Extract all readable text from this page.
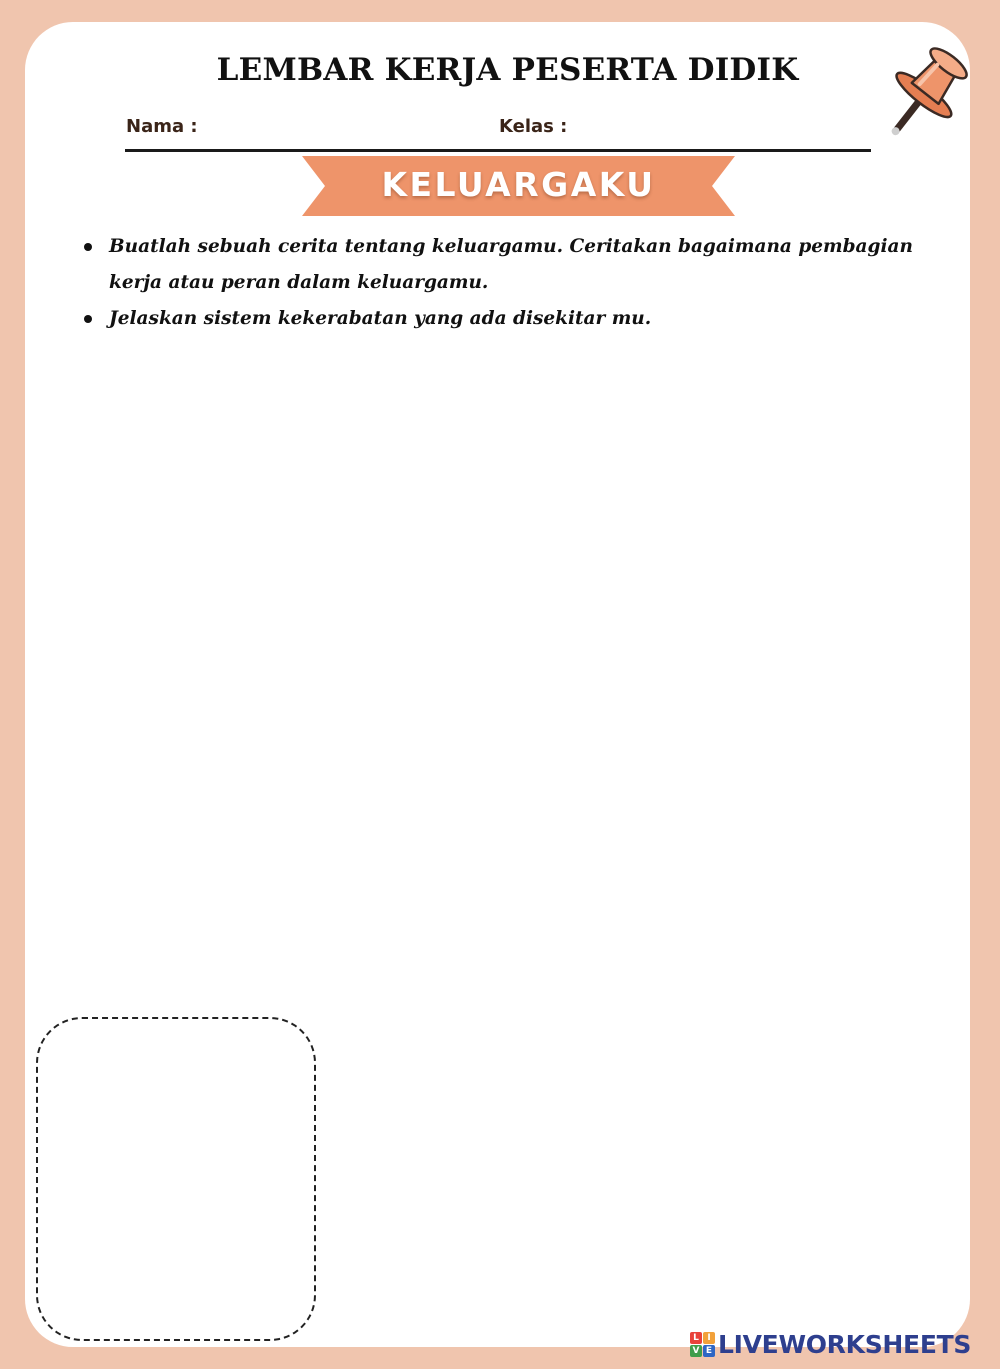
LEMBAR KERJA PESERTA DIDIK
Nama :	Kelas :
KELUARGAKU
Buatlah sebuah cerita tentang keluargamu. Ceritakan bagaimana pembagian kerja atau peran dalam keluargamu.
Jelaskan sistem kekerabatan yang ada disekitar mu.
L I
V E LIVEWORKSHEETS
